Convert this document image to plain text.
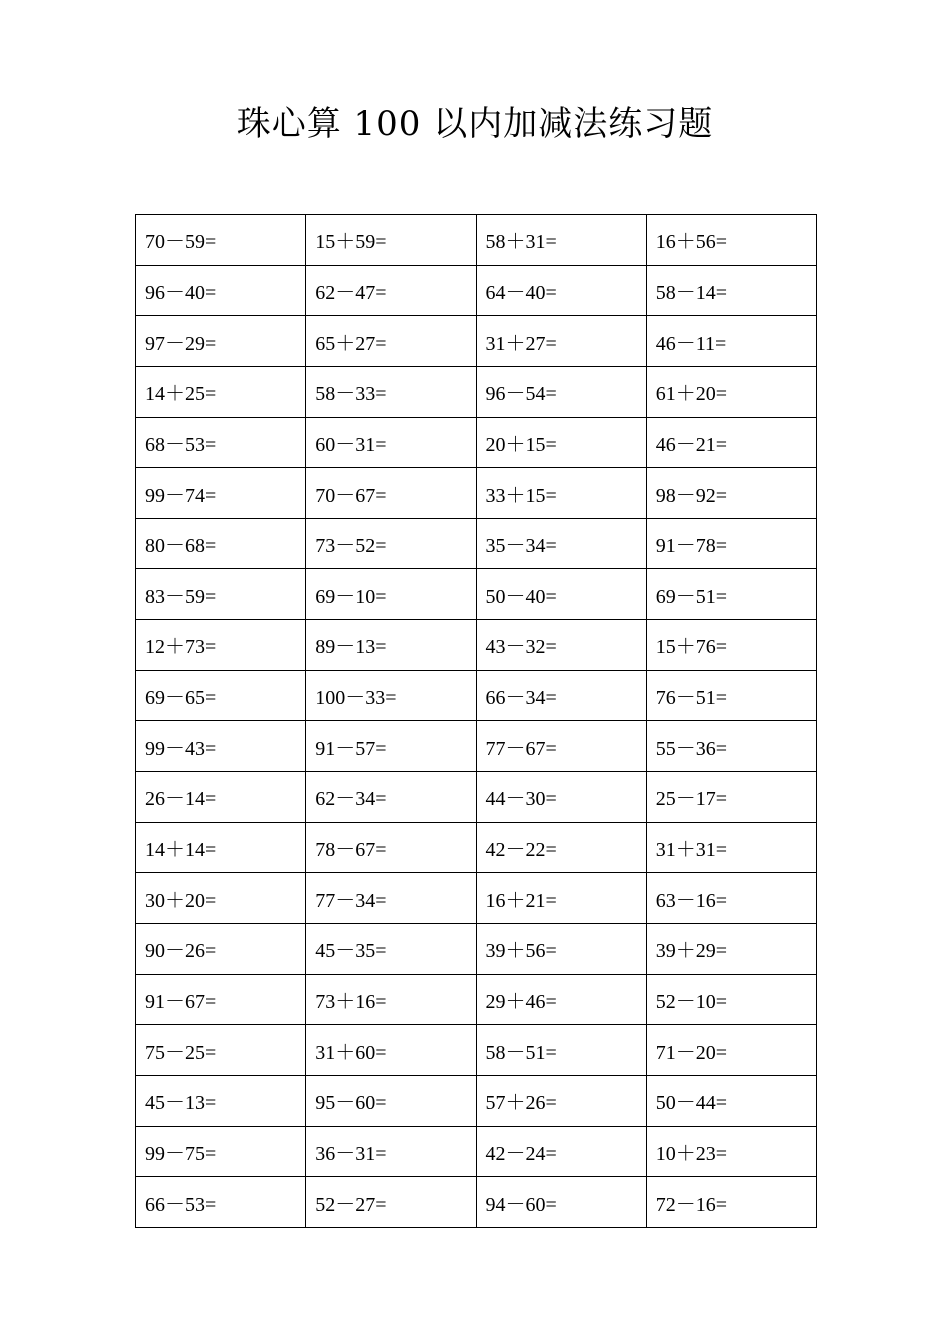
珠心算 100 以内加减法练习题
70－59=	15＋59=	58＋31=	16＋56=
96－40=	62－47=	64－40=	58－14=
97－29=	65＋27=	31＋27=	46－11=
14＋25=	58－33=	96－54=	61＋20=
68－53=	60－31=	20＋15=	46－21=
99－74=	70－67=	33＋15=	98－92=
80－68=	73－52=	35－34=	91－78=
83－59=	69－10=	50－40=	69－51=
12＋73=	89－13=	43－32=	15＋76=
69－65=	100－33=	66－34=	76－51=
99－43=	91－57=	77－67=	55－36=
26－14=	62－34=	44－30=	25－17=
14＋14=	78－67=	42－22=	31＋31=
30＋20=	77－34=	16＋21=	63－16=
90－26=	45－35=	39＋56=	39＋29=
91－67=	73＋16=	29＋46=	52－10=
75－25=	31＋60=	58－51=	71－20=
45－13=	95－60=	57＋26=	50－44=
99－75=	36－31=	42－24=	10＋23=
66－53=	52－27=	94－60=	72－16=
